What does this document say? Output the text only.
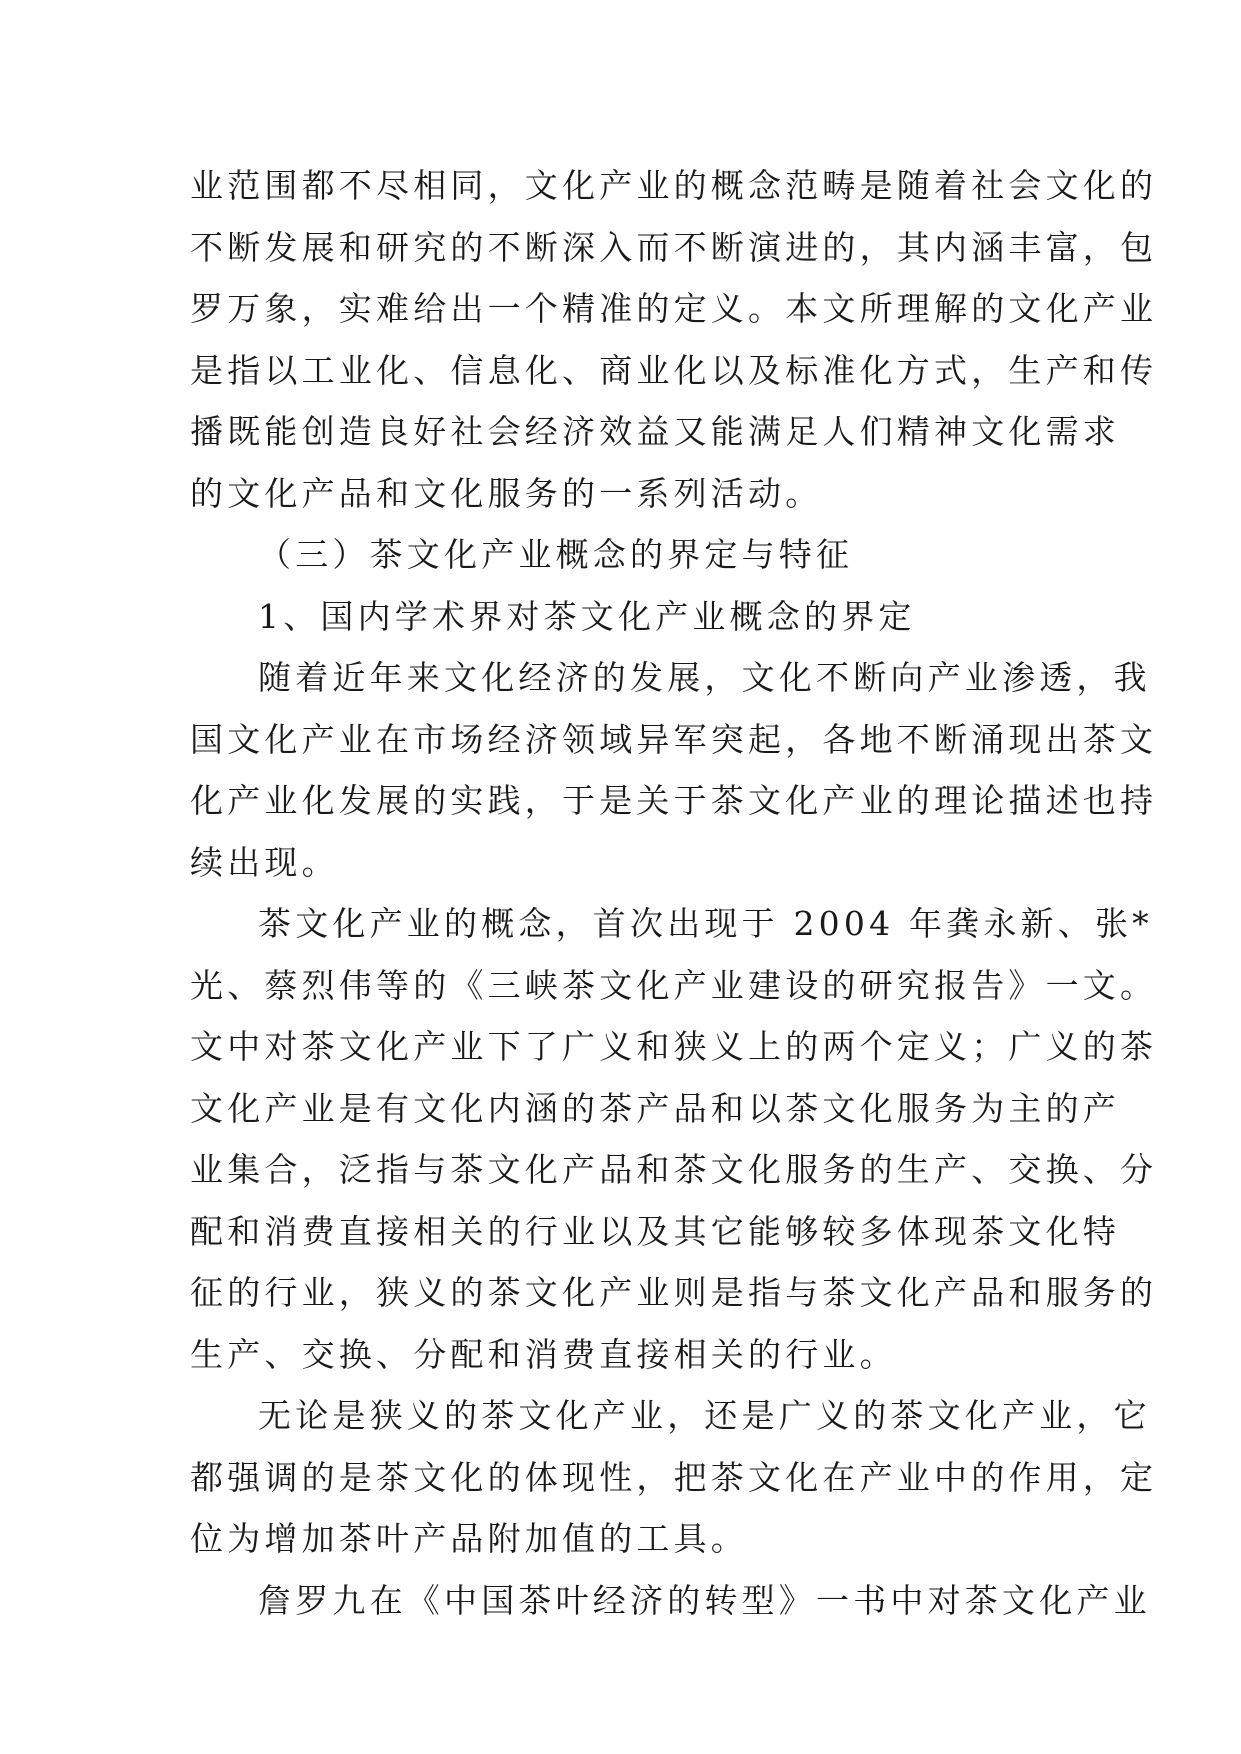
业范围都不尽相同，文化产业的概念范畴是随着社会文化的
不断发展和研究的不断深入而不断演进的，其内涵丰富，包
罗万象，实难给出一个精准的定义。本文所理解的文化产业
是指以工业化、信息化、商业化以及标准化方式，生产和传
播既能创造良好社会经济效益又能满足人们精神文化需求
的文化产品和文化服务的一系列活动。
（三）茶文化产业概念的界定与特征
1、国内学术界对茶文化产业概念的界定
随着近年来文化经济的发展，文化不断向产业渗透，我
国文化产业在市场经济领域异军突起，各地不断涌现出茶文
化产业化发展的实践，于是关于茶文化产业的理论描述也持
续出现。
茶文化产业的概念，首次出现于 2004 年龚永新、张*
光、蔡烈伟等的《三峡茶文化产业建设的研究报告》一文。
文中对茶文化产业下了广义和狭义上的两个定义；广义的茶
文化产业是有文化内涵的茶产品和以茶文化服务为主的产
业集合，泛指与茶文化产品和茶文化服务的生产、交换、分
配和消费直接相关的行业以及其它能够较多体现茶文化特
征的行业，狭义的茶文化产业则是指与茶文化产品和服务的
生产、交换、分配和消费直接相关的行业。
无论是狭义的茶文化产业，还是广义的茶文化产业，它
都强调的是茶文化的体现性，把茶文化在产业中的作用，定
位为增加茶叶产品附加值的工具。
詹罗九在《中国茶叶经济的转型》一书中对茶文化产业
